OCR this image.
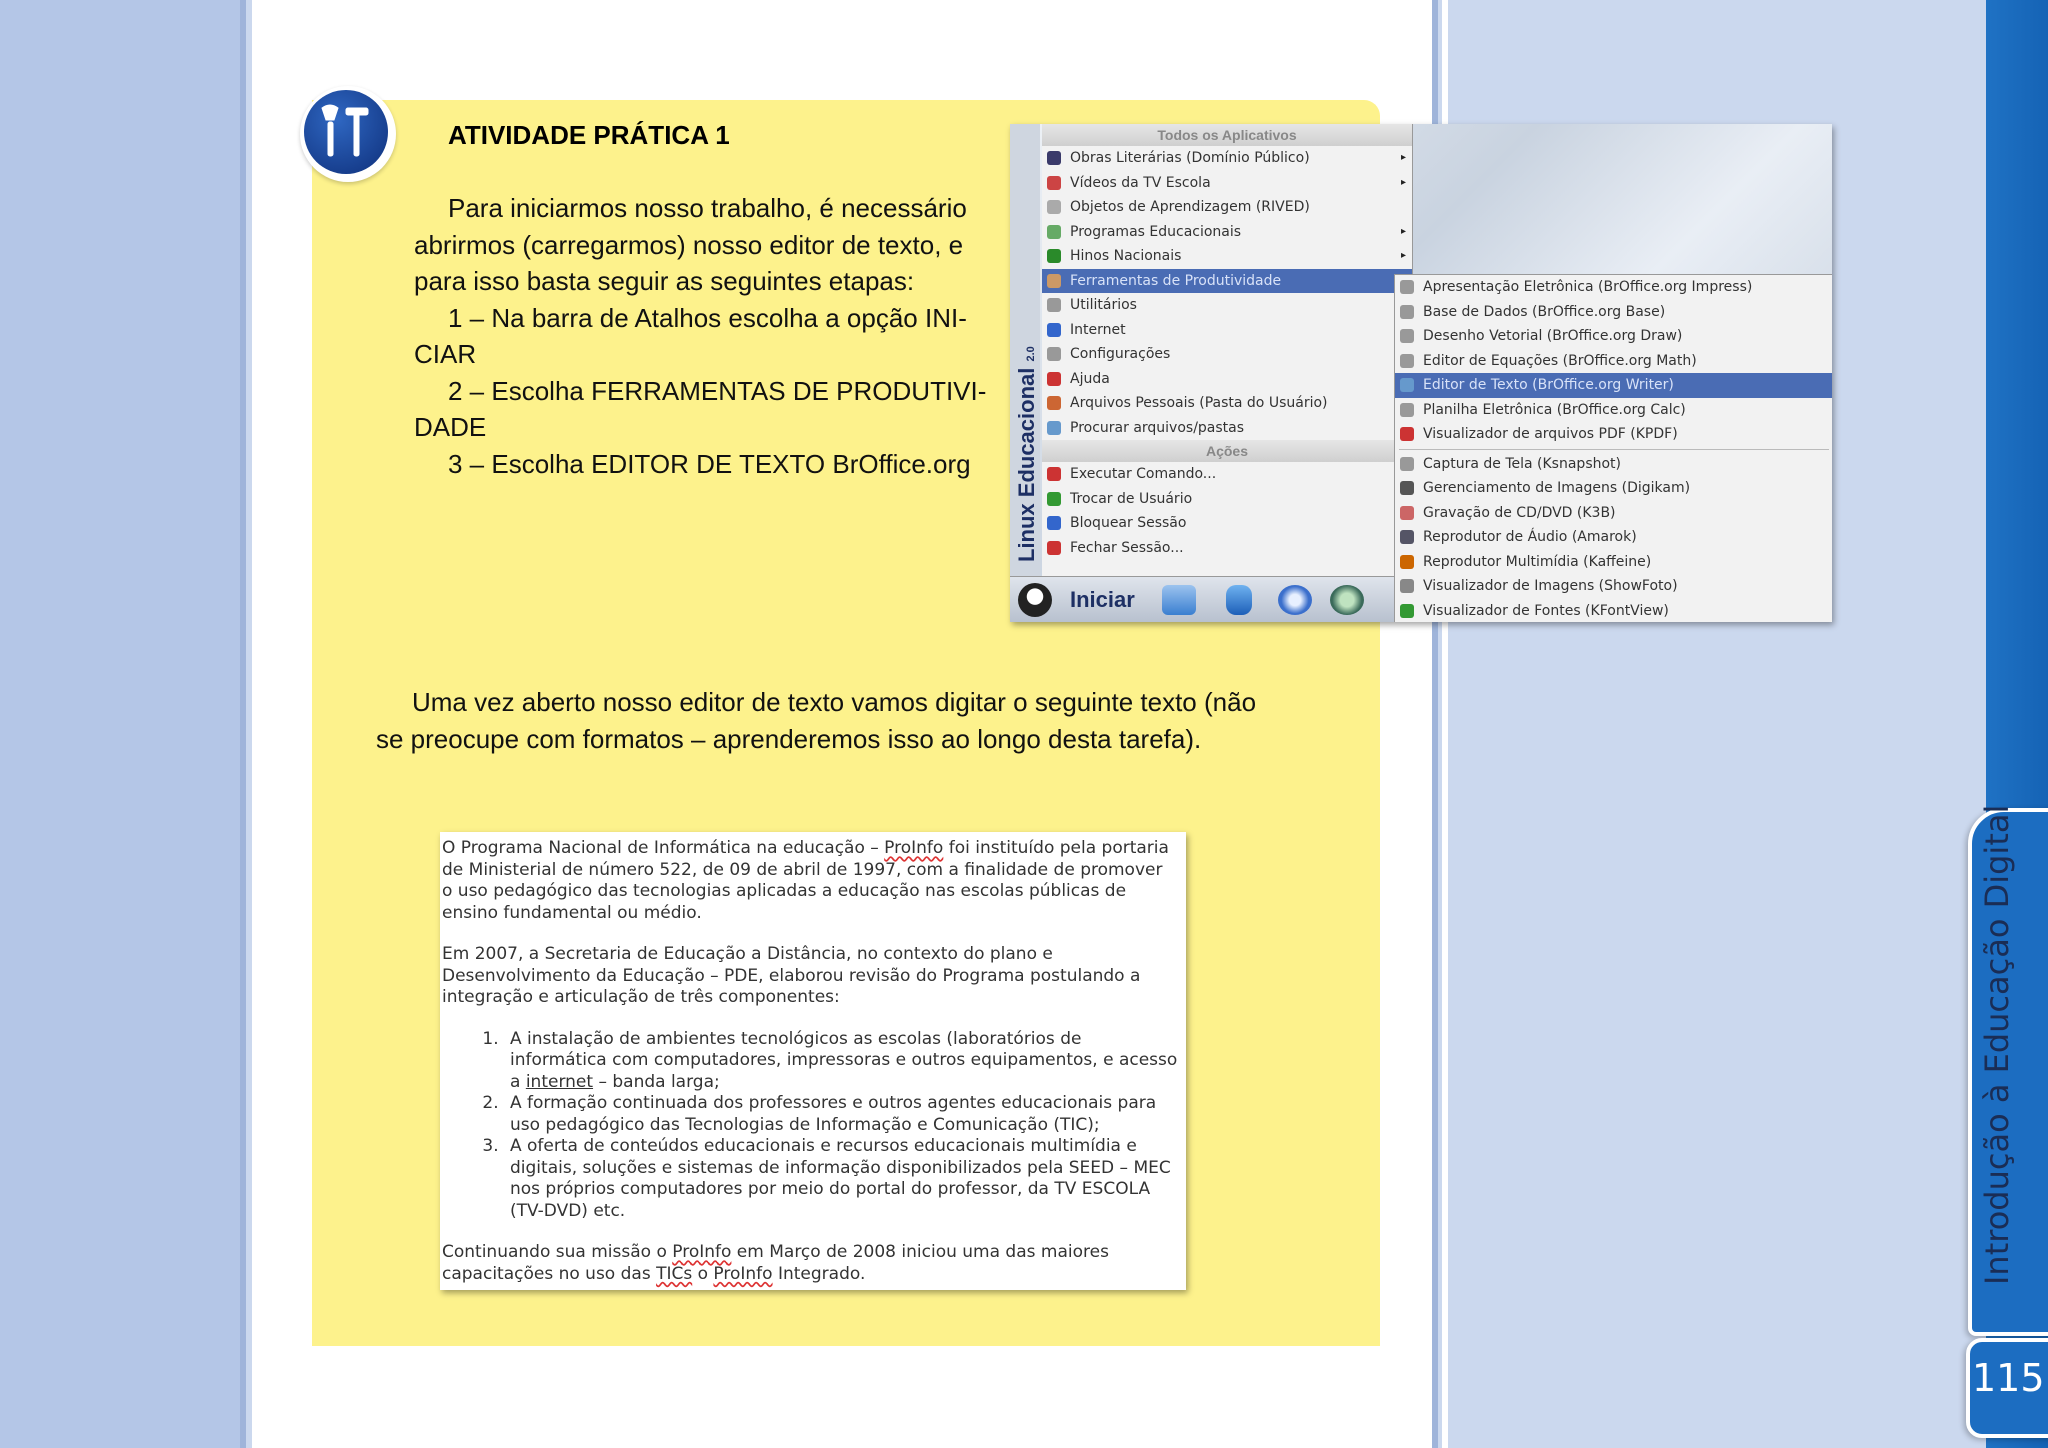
ATIVIDADE PRÁTICA 1
Para iniciarmos nosso trabalho, é necessário
abrirmos (carregarmos) nosso editor de texto, e
para isso basta seguir as seguintes etapas:
1 – Na barra de Atalhos escolha a opção INI-
CIAR
2 – Escolha FERRAMENTAS DE PRODUTIVI-
DADE
3 – Escolha EDITOR DE TEXTO BrOffice.org	Linux Educacional 2.0
Todos os Aplicativos
Obras Literárias (Domínio Público)	▸
Vídeos da TV Escola	▸
Objetos de Aprendizagem (RIVED)
Programas Educacionais	▸
Hinos Nacionais	▸
Ferramentas de Produtividade
Utilitários
Internet
Configurações
Ajuda
Arquivos Pessoais (Pasta do Usuário)
Procurar arquivos/pastas
Ações
Executar Comando...
Trocar de Usuário
Bloquear Sessão
Fechar Sessão...
Apresentação Eletrônica (BrOffice.org Impress)
Base de Dados (BrOffice.org Base)
Desenho Vetorial (BrOffice.org Draw)
Editor de Equações (BrOffice.org Math)
Editor de Texto (BrOffice.org Writer)
Planilha Eletrônica (BrOffice.org Calc)
Visualizador de arquivos PDF (KPDF)
Captura de Tela (Ksnapshot)
Gerenciamento de Imagens (Digikam)
Gravação de CD/DVD (K3B)
Reprodutor de Áudio (Amarok)
Reprodutor Multimídia (Kaffeine)
Visualizador de Imagens (ShowFoto)
Visualizador de Fontes (KFontView)
Iniciar
Uma vez aberto nosso editor de texto vamos digitar o seguinte texto (não
se preocupe com formatos – aprenderemos isso ao longo desta tarefa).

O Programa Nacional de Informática na educação – ProInfo foi instituído pela portaria de Ministerial de número 522, de 09 de abril de 1997, com a finalidade de promover o uso pedagógico das tecnologias aplicadas a educação nas escolas públicas de ensino fundamental ou médio.

Em 2007, a Secretaria de Educação a Distância, no contexto do plano e Desenvolvimento da Educação – PDE, elaborou revisão do Programa postulando a integração e articulação de três componentes:

1. A instalação de ambientes tecnológicos as escolas (laboratórios de informática com computadores, impressoras e outros equipamentos, e acesso a internet – banda larga;
2. A formação continuada dos professores e outros agentes educacionais para uso pedagógico das Tecnologias de Informação e Comunicação (TIC);
3. A oferta de conteúdos educacionais e recursos educacionais multimídia e digitais, soluções e sistemas de informação disponibilizados pela SEED – MEC nos próprios computadores por meio do portal do professor, da TV ESCOLA (TV-DVD) etc.

Continuando sua missão o ProInfo em Março de 2008 iniciou uma das maiores capacitações no uso das TICs o ProInfo Integrado.	Introdução à Educação Digital
115
